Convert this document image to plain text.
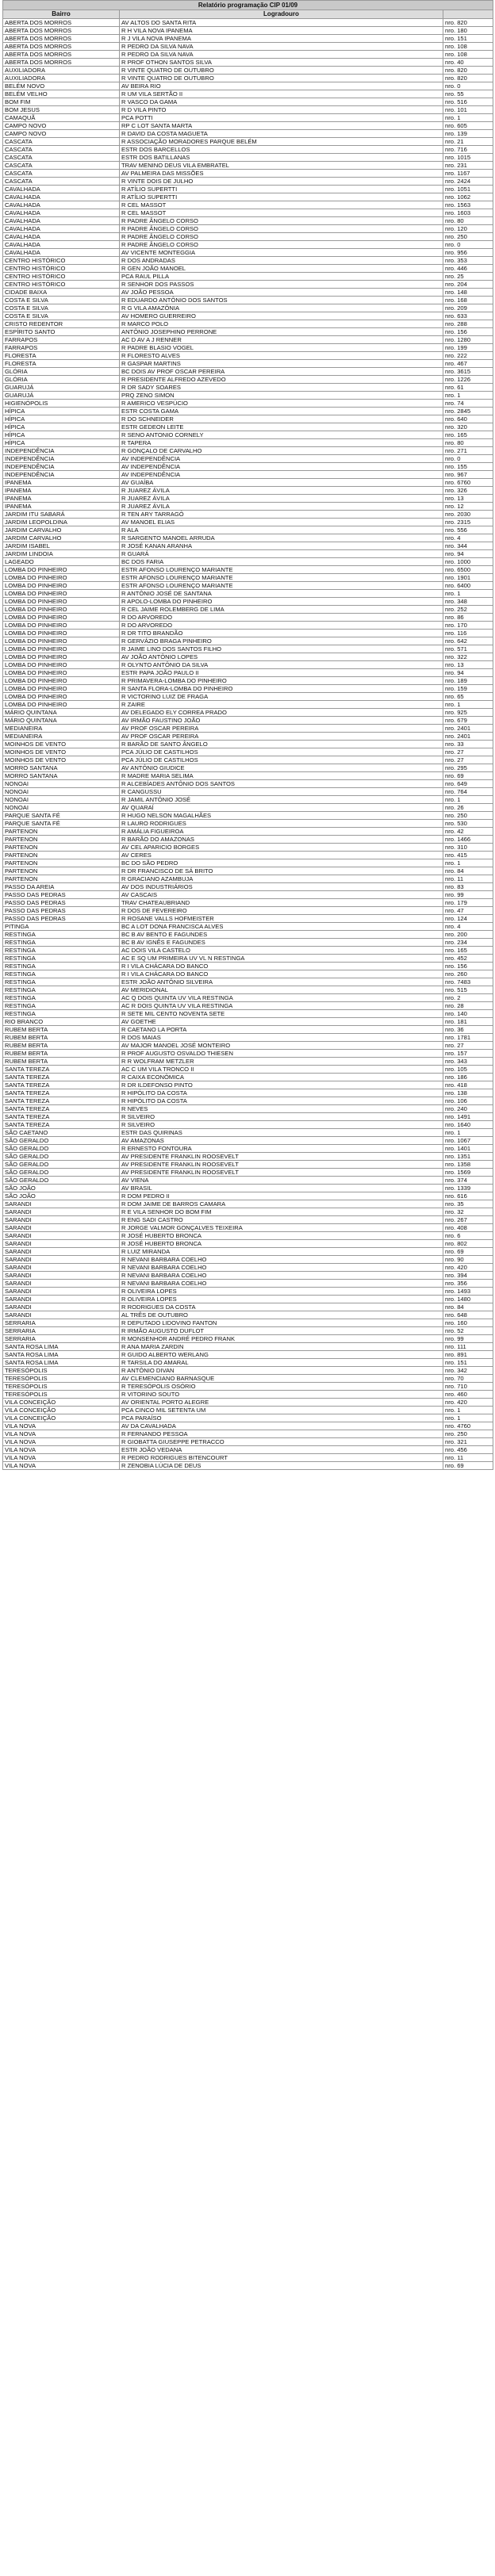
Relatório programação CIP 01/09		
Bairro	Logradouro	
ABERTA DOS MORROS	AV ALTOS DO SANTA RITA	nro. 820
ABERTA DOS MORROS	R H VILA NOVA IPANEMA	nro. 180
ABERTA DOS MORROS	R J VILA NOVA IPANEMA	nro. 151
ABERTA DOS MORROS	R PEDRO DA SILVA NAVA	nro. 108
ABERTA DOS MORROS	R PEDRO DA SILVA NAVA	nro. 108
ABERTA DOS MORROS	R PROF OTHON SANTOS SILVA	nro. 40
AUXILIADORA	R VINTE QUATRO DE OUTUBRO	nro. 820
AUXILIADORA	R VINTE QUATRO DE OUTUBRO	nro. 820
BELÉM NOVO	AV BEIRA RIO	nro. 0
BELÉM VELHO	R UM VILA SERTÃO II	nro. 55
BOM FIM	R VASCO DA GAMA	nro. 516
BOM JESUS	R D VILA PINTO	nro. 101
CAMAQUÃ	PCA POTTI	nro. 1
CAMPO NOVO	RP C LOT SANTA MARTA	nro. 605
CAMPO NOVO	R DAVID DA COSTA MAGUETA	nro. 139
CASCATA	R ASSOCIAÇÃO MORADORES PARQUE BELÉM	nro. 21
CASCATA	ESTR DOS BARCELLOS	nro. 716
CASCATA	ESTR DOS BATILLANAS	nro. 1015
CASCATA	TRAV MENINO DEUS VILA EMBRATEL	nro. 231
CASCATA	AV PALMEIRA DAS MISSÕES	nro. 1167
CASCATA	R VINTE DOIS DE JULHO	nro. 2424
CAVALHADA	R ATÍLIO SUPERTTI	nro. 1051
CAVALHADA	R ATÍLIO SUPERTTI	nro. 1062
CAVALHADA	R CEL MASSOT	nro. 1563
CAVALHADA	R CEL MASSOT	nro. 1603
CAVALHADA	R PADRE ÂNGELO CORSO	nro. 80
CAVALHADA	R PADRE ÂNGELO CORSO	nro. 120
CAVALHADA	R PADRE ÂNGELO CORSO	nro. 250
CAVALHADA	R PADRE ÂNGELO CORSO	nro. 0
CAVALHADA	AV VICENTE MONTEGGIA	nro. 956
CENTRO HISTÓRICO	R DOS ANDRADAS	nro. 353
CENTRO HISTÓRICO	R GEN JOÃO MANOEL	nro. 446
CENTRO HISTÓRICO	PCA RAUL PILLA	nro. 25
CENTRO HISTÓRICO	R SENHOR DOS PASSOS	nro. 204
CIDADE BAIXA	AV JOÃO PESSOA	nro. 148
COSTA E SILVA	R EDUARDO ANTÔNIO DOS SANTOS	nro. 168
COSTA E SILVA	R G VILA AMAZÔNIA	nro. 209
COSTA E SILVA	AV HOMERO GUERREIRO	nro. 633
CRISTO REDENTOR	R MARCO POLO	nro. 288
ESPÍRITO SANTO	ANTÔNIO JOSEPHINO PERRONE	nro. 156
FARRAPOS	AC D AV A J RENNER	nro. 1280
FARRAPOS	R PADRE BLASIO VOGEL	nro. 199
FLORESTA	R FLORESTO ALVES	nro. 222
FLORESTA	R GASPAR MARTINS	nro. 467
GLÓRIA	BC DOIS AV PROF OSCAR PEREIRA	nro. 3615
GLÓRIA	R PRESIDENTE ALFREDO AZEVEDO	nro. 1226
GUARUJÁ	R DR SADY SOARES	nro. 61
GUARUJÁ	PRQ ZENO SIMON	nro. 1
HIGIENÓPOLIS	R AMERICO VESPÚCIO	nro. 74
HÍPICA	ESTR COSTA GAMA	nro. 2845
HÍPICA	R DO SCHNEIDER	nro. 640
HÍPICA	ESTR GEDEON LEITE	nro. 320
HÍPICA	R SENO ANTONIO CORNELY	nro. 165
HÍPICA	R TAPERA	nro. 80
INDEPENDÊNCIA	R GONÇALO DE CARVALHO	nro. 271
INDEPENDÊNCIA	AV INDEPENDÊNCIA	nro. 0
INDEPENDÊNCIA	AV INDEPENDÊNCIA	nro. 155
INDEPENDÊNCIA	AV INDEPENDÊNCIA	nro. 967
IPANEMA	AV GUAÍBA	nro. 6760
IPANEMA	R JUAREZ ÁVILA	nro. 326
IPANEMA	R JUAREZ ÁVILA	nro. 13
IPANEMA	R JUAREZ ÁVILA	nro. 12
JARDIM ITU SABARÁ	R TEN ARY TARRAGÔ	nro. 2030
JARDIM LEOPOLDINA	AV MANOEL ELIAS	nro. 2315
JARDIM CARVALHO	R ALA	nro. 556
JARDIM CARVALHO	R SARGENTO MANOEL ARRUDA	nro. 4
JARDIM ISABEL	R JOSÉ KANAN ARANHA	nro. 344
JARDIM LINDOIA	R GUARÁ	nro. 94
LAGEADO	BC DOS FARIA	nro. 1000
LOMBA DO PINHEIRO	ESTR AFONSO LOURENÇO MARIANTE	nro. 6500
LOMBA DO PINHEIRO	ESTR AFONSO LOURENÇO MARIANTE	nro. 1901
LOMBA DO PINHEIRO	ESTR AFONSO LOURENÇO MARIANTE	nro. 6400
LOMBA DO PINHEIRO	R ANTÔNIO JOSÉ DE SANTANA	nro. 1
LOMBA DO PINHEIRO	R APOLO-LOMBA DO PINHEIRO	nro. 348
LOMBA DO PINHEIRO	R CEL JAIME ROLEMBERG DE LIMA	nro. 252
LOMBA DO PINHEIRO	R DO ARVOREDO	nro. 86
LOMBA DO PINHEIRO	R DO ARVOREDO	nro. 170
LOMBA DO PINHEIRO	R DR TITO BRANDÃO	nro. 116
LOMBA DO PINHEIRO	R GERVÁZIO BRAGA PINHEIRO	nro. 642
LOMBA DO PINHEIRO	R JAIME LINO DOS SANTOS FILHO	nro. 571
LOMBA DO PINHEIRO	AV JOÃO ANTÔNIO LOPES	nro. 322
LOMBA DO PINHEIRO	R OLYNTO ANTÔNIO DA SILVA	nro. 13
LOMBA DO PINHEIRO	ESTR PAPA JOÃO PAULO II	nro. 94
LOMBA DO PINHEIRO	R PRIMAVERA-LOMBA DO PINHEIRO	nro. 189
LOMBA DO PINHEIRO	R SANTA FLORA-LOMBA DO PINHEIRO	nro. 159
LOMBA DO PINHEIRO	R VICTORINO LUIZ DE FRAGA	nro. 65
LOMBA DO PINHEIRO	R ZAIRE	nro. 1
MÁRIO QUINTANA	AV DELEGADO ELY CORREA PRADO	nro. 925
MÁRIO QUINTANA	AV IRMÃO FAUSTINO JOÃO	nro. 679
MEDIANEIRA	AV PROF OSCAR PEREIRA	nro. 2401
MEDIANEIRA	AV PROF OSCAR PEREIRA	nro. 2401
MOINHOS DE VENTO	R BARÃO DE SANTO ÂNGELO	nro. 33
MOINHOS DE VENTO	PCA JÚLIO DE CASTILHOS	nro. 27
MOINHOS DE VENTO	PCA JÚLIO DE CASTILHOS	nro. 27
MORRO SANTANA	AV ANTÔNIO GIUDICE	nro. 295
MORRO SANTANA	R MADRE MARIA SELIMA	nro. 69
NONOAI	R ALCEBÍADES ANTÔNIO DOS SANTOS	nro. 649
NONOAI	R CANGUSSU	nro. 764
NONOAI	R JAMIL ANTÔNIO JOSÉ	nro. 1
NONOAI	AV QUARAÍ	nro. 26
PARQUE SANTA FÉ	R HUGO NELSON MAGALHÃES	nro. 250
PARQUE SANTA FÉ	R LAURO RODRIGUES	nro. 530
PARTENON	R AMÁLIA FIGUEIROA	nro. 42
PARTENON	R BARÃO DO AMAZONAS	nro. 1466
PARTENON	AV CEL APARICIO BORGES	nro. 310
PARTENON	AV CERES	nro. 415
PARTENON	BC DO SÃO PEDRO	nro. 1
PARTENON	R DR FRANCISCO DE SÁ BRITO	nro. 84
PARTENON	R GRACIANO AZAMBUJA	nro. 11
PASSO DA AREIA	AV DOS INDUSTRIÁRIOS	nro. 83
PASSO DAS PEDRAS	AV CASCAIS	nro. 99
PASSO DAS PEDRAS	TRAV CHATEAUBRIAND	nro. 179
PASSO DAS PEDRAS	R DOS DE FEVEREIRO	nro. 47
PASSO DAS PEDRAS	R ROSANE VALLS HOFMEISTER	nro. 124
PITINGA	BC A LOT DONA FRANCISCA ALVES	nro. 4
RESTINGA	BC B AV BENTO E FAGUNDES	nro. 200
RESTINGA	BC B AV IGNÊS E FAGUNDES	nro. 234
RESTINGA	AC DOIS VILA CASTELO	nro. 165
RESTINGA	AC E SQ UM PRIMEIRA UV VL N RESTINGA	nro. 452
RESTINGA	R I VILA CHÁCARA DO BANCO	nro. 156
RESTINGA	R I VILA CHÁCARA DO BANCO	nro. 260
RESTINGA	ESTR JOÃO ANTÔNIO SILVEIRA	nro. 7483
RESTINGA	AV MERIDIONAL	nro. 515
RESTINGA	AC Q DOIS QUINTA UV VILA RESTINGA	nro. 2
RESTINGA	AC R DOIS QUINTA UV VILA RESTINGA	nro. 28
RESTINGA	R SETE MIL CENTO NOVENTA SETE	nro. 140
RIO BRANCO	AV GOETHE	nro. 181
RUBEM BERTA	R CAETANO LA PORTA	nro. 36
RUBEM BERTA	R DOS MAIAS	nro. 1781
RUBEM BERTA	AV MAJOR MANOEL JOSÉ MONTEIRO	nro. 27
RUBEM BERTA	R PROF AUGUSTO OSVALDO THIESEN	nro. 157
RUBEM BERTA	R R WOLFRAM METZLER	nro. 343
SANTA TEREZA	AC C UM VILA TRONCO II	nro. 105
SANTA TEREZA	R CAIXA ECONÔMICA	nro. 186
SANTA TEREZA	R DR ILDEFONSO PINTO	nro. 418
SANTA TEREZA	R HIPÓLITO DA COSTA	nro. 138
SANTA TEREZA	R HIPÓLITO DA COSTA	nro. 106
SANTA TEREZA	R NEVES	nro. 240
SANTA TEREZA	R SILVEIRO	nro. 1491
SANTA TEREZA	R SILVEIRO	nro. 1640
SÃO CAETANO	ESTR DAS QUIRINAS	nro. 1
SÃO GERALDO	AV AMAZONAS	nro. 1067
SÃO GERALDO	R ERNESTO FONTOURA	nro. 1401
SÃO GERALDO	AV PRESIDENTE FRANKLIN ROOSEVELT	nro. 1351
SÃO GERALDO	AV PRESIDENTE FRANKLIN ROOSEVELT	nro. 1358
SÃO GERALDO	AV PRESIDENTE FRANKLIN ROOSEVELT	nro. 1569
SÃO GERALDO	AV VIENA	nro. 374
SÃO JOÃO	AV BRASIL	nro. 1339
SÃO JOÃO	R DOM PEDRO II	nro. 616
SARANDI	R DOM JAIME DE BARROS CAMARA	nro. 35
SARANDI	R E VILA SENHOR DO BOM FIM	nro. 32
SARANDI	R ENG SADI CASTRO	nro. 267
SARANDI	R JORGE VALMOR GONÇALVES TEIXEIRA	nro. 408
SARANDI	R JOSÉ HUBERTO BRONCA	nro. 6
SARANDI	R JOSÉ HUBERTO BRONCA	nro. 802
SARANDI	R LUIZ MIRANDA	nro. 69
SARANDI	R NEVANI BARBARA COELHO	nro. 90
SARANDI	R NEVANI BARBARA COELHO	nro. 420
SARANDI	R NEVANI BARBARA COELHO	nro. 394
SARANDI	R NEVANI BARBARA COELHO	nro. 356
SARANDI	R OLIVEIRA LOPES	nro. 1493
SARANDI	R OLIVEIRA LOPES	nro. 1480
SARANDI	R RODRIGUES DA COSTA	nro. 84
SARANDI	AL TRÊS DE OUTUBRO	nro. 648
SERRARIA	R DEPUTADO LIDOVINO FANTON	nro. 160
SERRARIA	R IRMÃO AUGUSTO DUFLOT	nro. 52
SERRARIA	R MONSENHOR ANDRÉ PEDRO FRANK	nro. 99
SANTA ROSA LIMA	R ANA MARIA ZARDIN	nro. 111
SANTA ROSA LIMA	R GUIDO ALBERTO WERLANG	nro. 891
SANTA ROSA LIMA	R TARSILA DO AMARAL	nro. 151
TERESÓPOLIS	R ANTÔNIO DIVAN	nro. 342
TERESÓPOLIS	AV CLEMENCIANO BARNASQUE	nro. 70
TERESÓPOLIS	R TERESÓPOLIS OSÓRIO	nro. 710
TERESÓPOLIS	R VITORINO SOUTO	nro. 460
VILA CONCEIÇÃO	AV ORIENTAL PORTO ALEGRE	nro. 420
VILA CONCEIÇÃO	PCA CINCO MIL SETENTA UM	nro. 1
VILA CONCEIÇÃO	PCA PARAÍSO	nro. 1
VILA NOVA	AV DA CAVALHADA	nro. 4760
VILA NOVA	R FERNANDO PESSOA	nro. 250
VILA NOVA	R GIOBATTA GIUSEPPE PETRACCO	nro. 321
VILA NOVA	ESTR JOÃO VEDANA	nro. 456
VILA NOVA	R PEDRO RODRIGUES BITENCOURT	nro. 11
VILA NOVA	R ZENOBIA LÚCIA DE DEUS	nro. 69
